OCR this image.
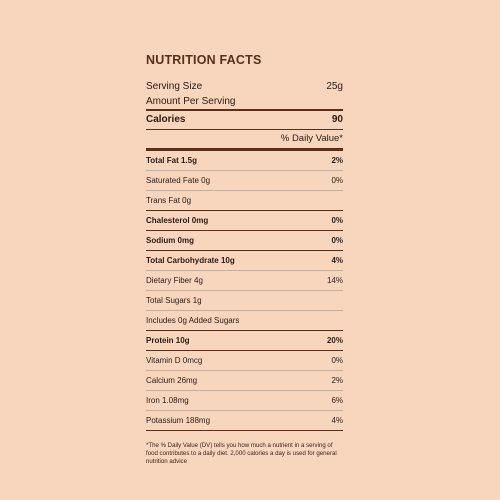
NUTRITION FACTS
Serving Size	25g
Amount Per Serving
Calories	90
% Daily Value*
Total Fat 1.5g	2%
Saturated Fate 0g	0%
Trans Fat 0g
Chalesterol 0mg	0%
Sodium 0mg	0%
Total Carbohydrate 10g	4%
Dietary Fiber 4g	14%
Total Sugars 1g
Includes 0g Added Sugars
Protein 10g	20%
Vitamin D 0mcg	0%
Calcium 26mg	2%
Iron 1.08mg	6%
Potassium 188mg	4%
*The % Daily Value (DV) tells you how much a nutrient in a serving of food contributes to a daily diet. 2,000 calories a day is used for general nutrition advice
